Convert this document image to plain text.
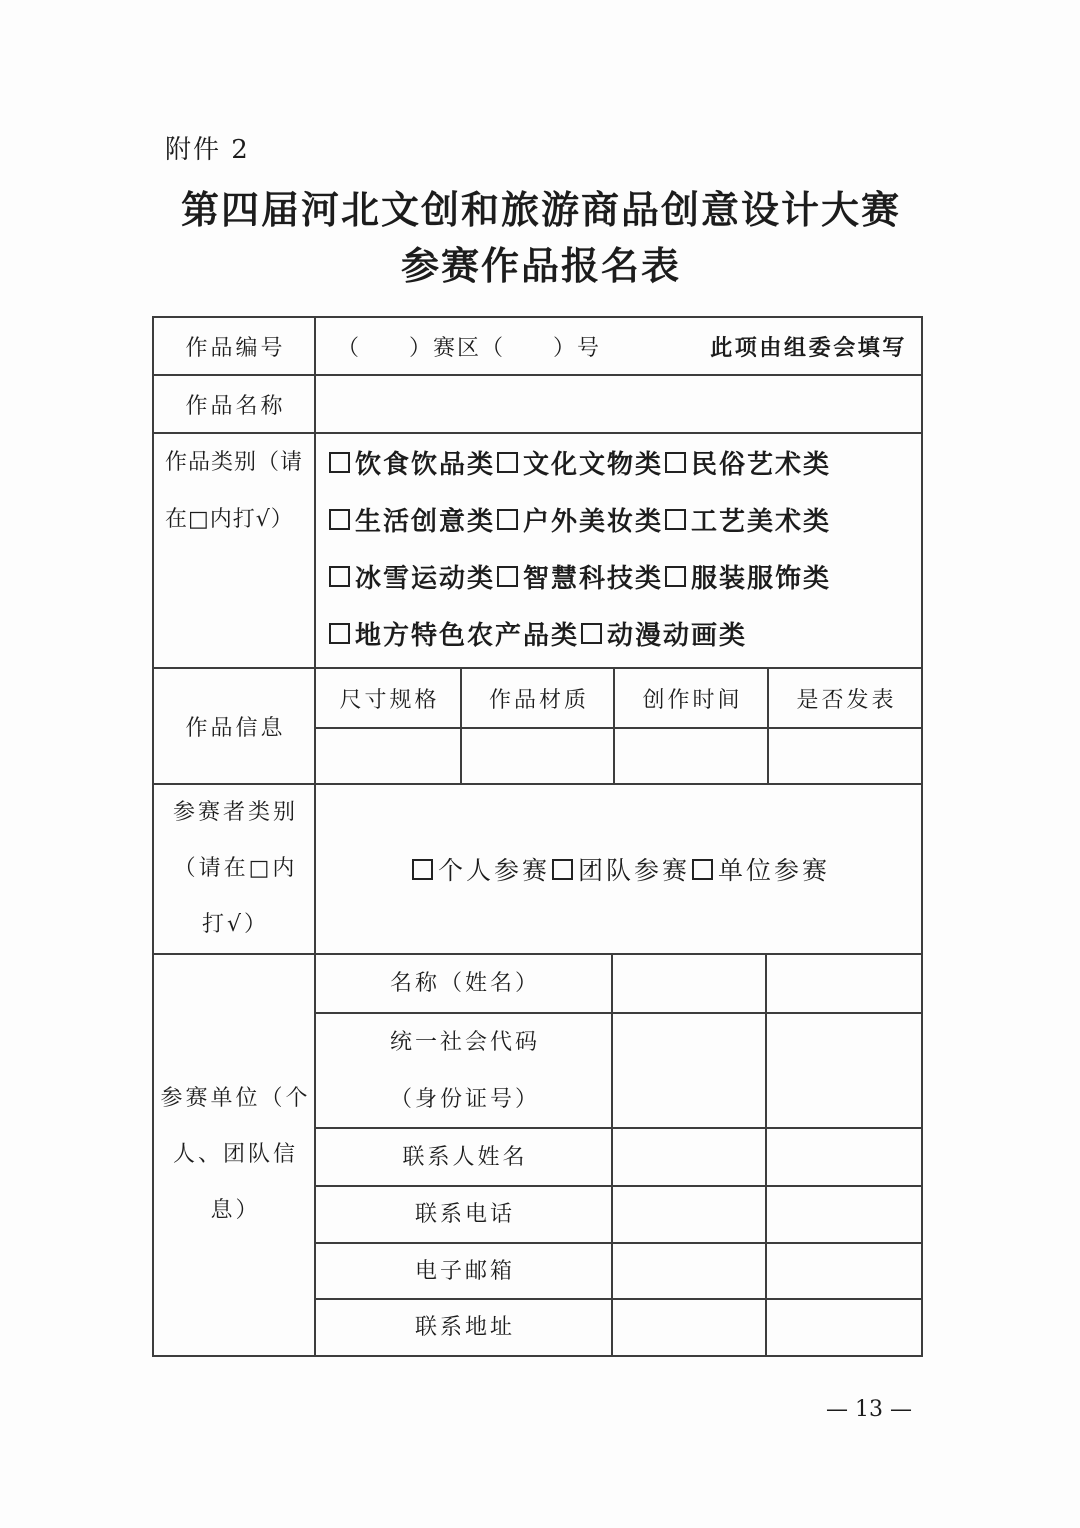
附件 2
第四届河北文创和旅游商品创意设计大赛
参赛作品报名表
作品编号 （　　）赛区（　　）号	此项由组委会填写
作品名称
作品类别（请
在□内打√）
饮食饮品类 文化文物类 民俗艺术类
生活创意类 户外美妆类 工艺美术类
冰雪运动类 智慧科技类 服装服饰类
地方特色农产品类 动漫动画类
作品信息
尺寸规格 作品材质 创作时间 是否发表
参赛者类别
（请在□内
打√）
个人参赛 团队参赛 单位参赛
参赛单位（个
人、团队信
息）
名称（姓名）
统一社会代码
（身份证号）
联系人姓名
联系电话
电子邮箱
联系地址
— 13 —
